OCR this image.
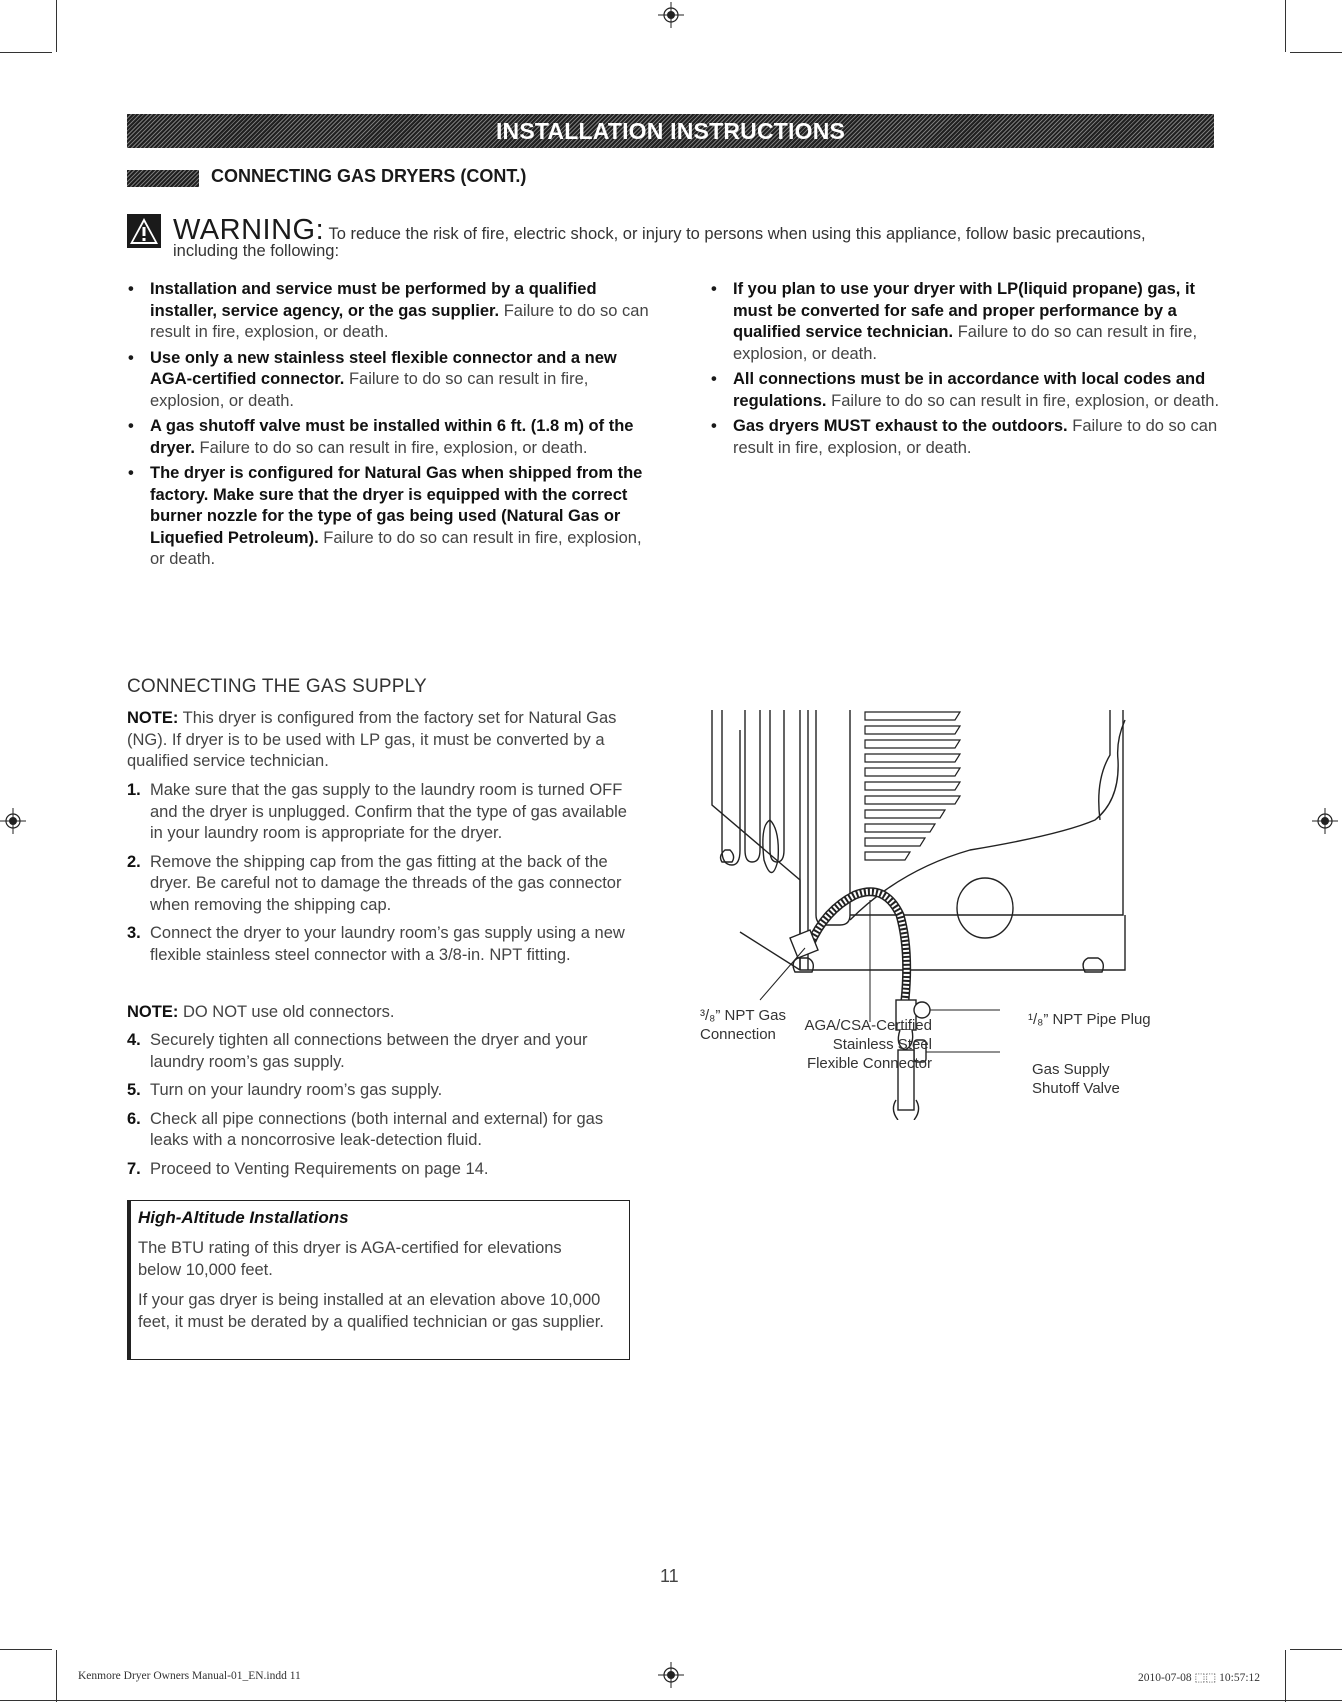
INSTALLATION INSTRUCTIONS
CONNECTING GAS DRYERS (CONT.)
WARNING: To reduce the risk of fire, electric shock, or injury to persons when using this appliance, follow basic precautions,
including the following:
• Installation and service must be performed by a qualified installer, service agency, or the gas supplier. Failure to do so can result in fire, explosion, or death.
• Use only a new stainless steel flexible connector and a new AGA-certified connector. Failure to do so can result in fire, explosion, or death.
• A gas shutoff valve must be installed within 6 ft. (1.8 m) of the dryer. Failure to do so can result in fire, explosion, or death.
• The dryer is configured for Natural Gas when shipped from the factory. Make sure that the dryer is equipped with the correct burner nozzle for the type of gas being used (Natural Gas or Liquefied Petroleum). Failure to do so can result in fire, explosion, or death.
• If you plan to use your dryer with LP(liquid propane) gas, it must be converted for safe and proper performance by a qualified service technician. Failure to do so can result in fire, explosion, or death.
• All connections must be in accordance with local codes and regulations. Failure to do so can result in fire, explosion, or death.
• Gas dryers MUST exhaust to the outdoors. Failure to do so can result in fire, explosion, or death.
CONNECTING THE GAS SUPPLY
NOTE: This dryer is configured from the factory set for Natural Gas (NG). If dryer is to be used with LP gas, it must be converted by a qualified service technician.
1. Make sure that the gas supply to the laundry room is turned OFF and the dryer is unplugged. Confirm that the type of gas available in your laundry room is appropriate for the dryer.
2. Remove the shipping cap from the gas fitting at the back of the dryer. Be careful not to damage the threads of the gas connector when removing the shipping cap.
3. Connect the dryer to your laundry room’s gas supply using a new flexible stainless steel connector with a 3/8-in. NPT fitting.
NOTE: DO NOT use old connectors.
4. Securely tighten all connections between the dryer and your laundry room’s gas supply.
5. Turn on your laundry room’s gas supply.
6. Check all pipe connections (both internal and external) for gas leaks with a noncorrosive leak-detection fluid.
7. Proceed to Venting Requirements on page 14.
High-Altitude Installations
The BTU rating of this dryer is AGA-certified for elevations below 10,000 feet.
If your gas dryer is being installed at an elevation above 10,000 feet, it must be derated by a qualified technician or gas supplier.
³/₈” NPT Gas
Connection
AGA/CSA-Certified
Stainless Steel
Flexible Connector
¹/₈” NPT Pipe Plug
Gas Supply
Shutoff Valve
11
Kenmore Dryer Owners Manual-01_EN.indd 11	2010-07-08 ⬚⬚ 10:57:12
